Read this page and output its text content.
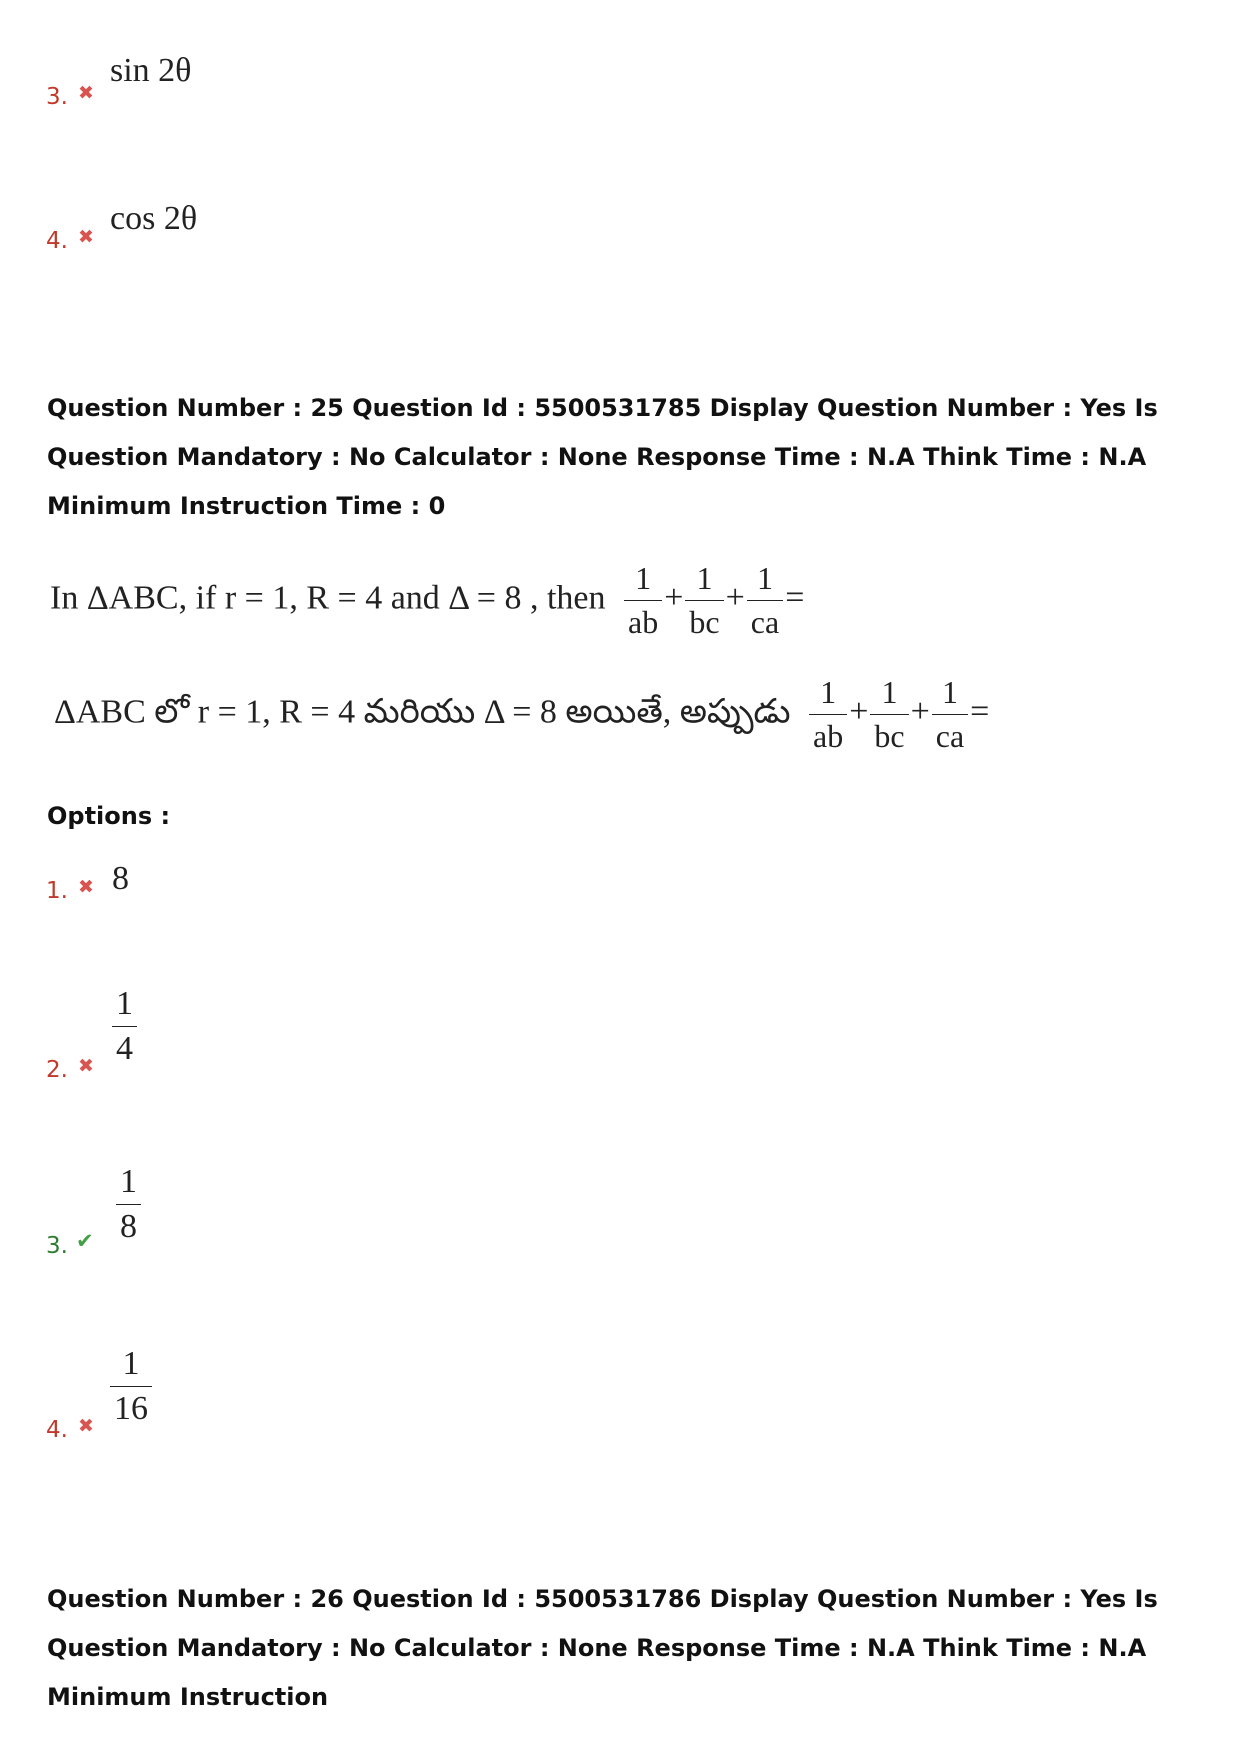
3. ✖
sin 2θ
4. ✖ cos 2θ
Question Number : 25 Question Id : 5500531785 Display Question Number : Yes Is Question Mandatory : No Calculator : None Response Time : N.A Think Time : N.A Minimum Instruction Time : 0
In ΔABC, if r = 1, R = 4 and Δ = 8 , then $\frac{1}{ab} + \frac{1}{bc} + \frac{1}{ca}$ =
ΔABC లో r = 1, R = 4 మరియు Δ = 8 అయితే, అప్పుడు $\frac{1}{ab} + \frac{1}{bc} + \frac{1}{ca}$ =
Options :
1. ✖ 8
2. ✖ $\frac{1}{4}$
3. ✔ $\frac{1}{8}$
4. ✖ $\frac{1}{16}$
Question Number : 26 Question Id : 5500531786 Display Question Number : Yes Is Question Mandatory : No Calculator : None Response Time : N.A Think Time : N.A Minimum Instruction
